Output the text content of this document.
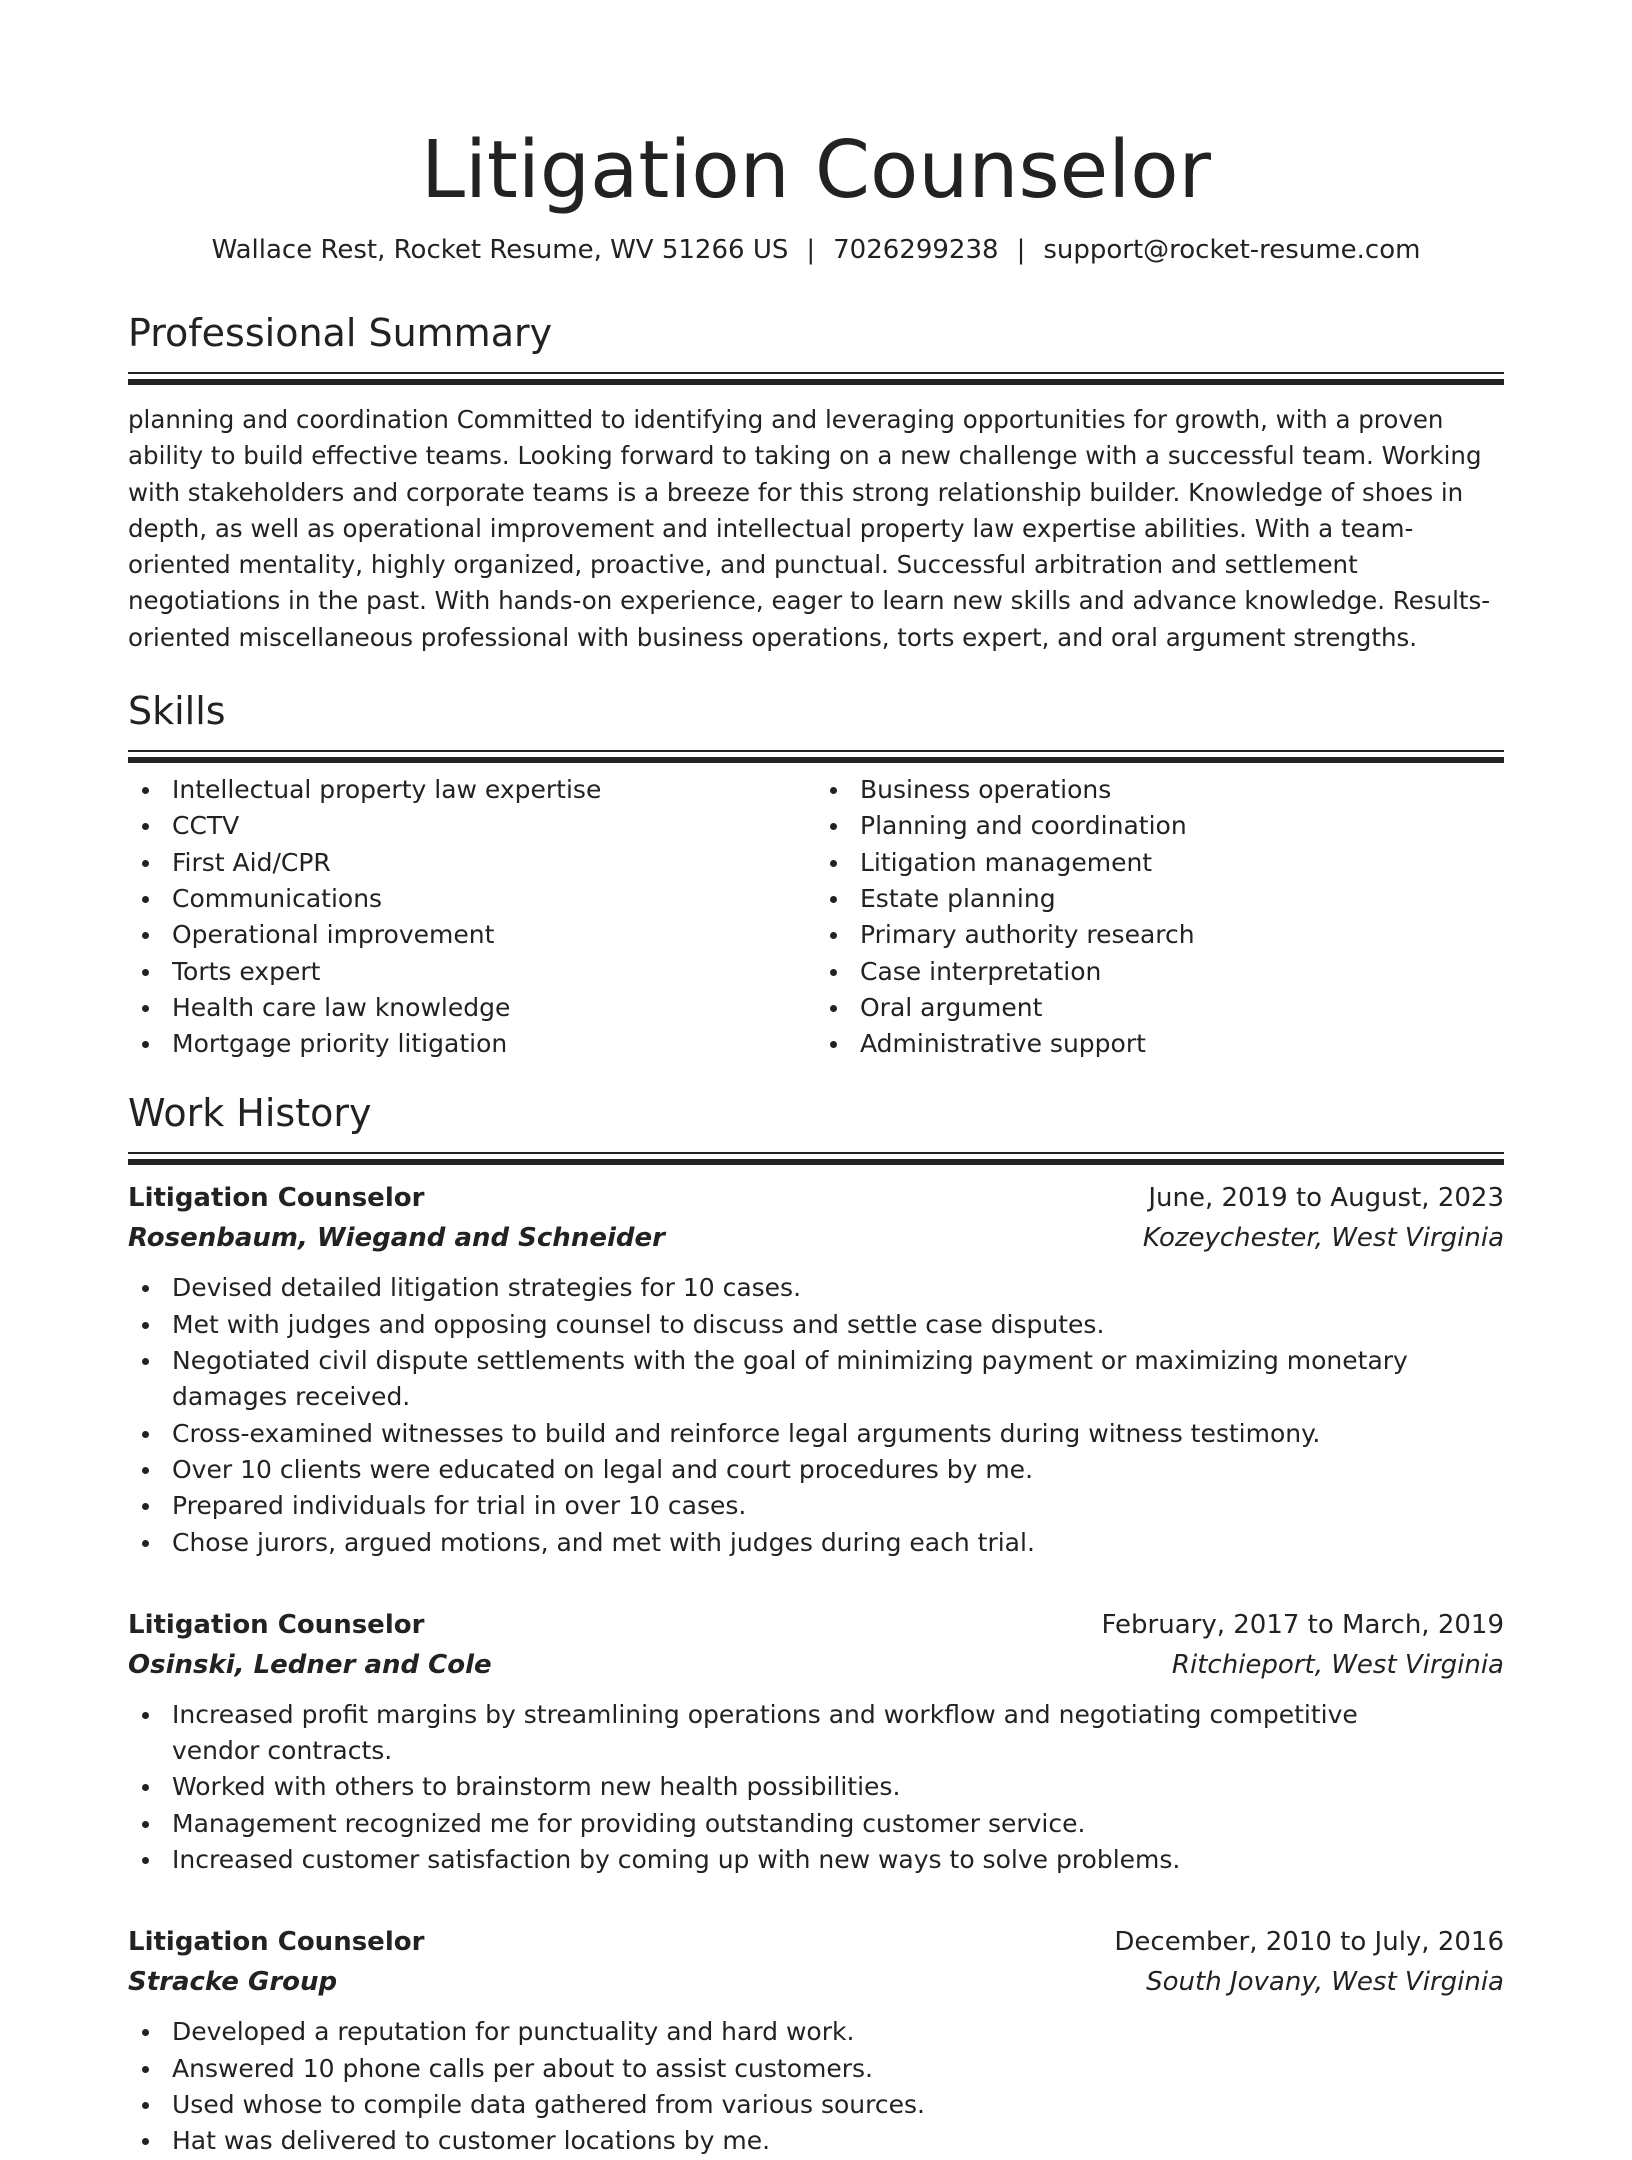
Litigation Counselor
Wallace Rest, Rocket Resume, WV 51266 US | 7026299238 | support@rocket-resume.com
Professional Summary

planning and coordination Committed to identifying and leveraging opportunities for growth, with a proven ability to build effective teams. Looking forward to taking on a new challenge with a successful team. Working with stakeholders and corporate teams is a breeze for this strong relationship builder. Knowledge of shoes in depth, as well as operational improvement and intellectual property law expertise abilities. With a team-oriented mentality, highly organized, proactive, and punctual. Successful arbitration and settlement negotiations in the past. With hands-on experience, eager to learn new skills and advance knowledge. Results-oriented miscellaneous professional with business operations, torts expert, and oral argument strengths.

Skills
Intellectual property law expertise
CCTV
First Aid/CPR
Communications
Operational improvement
Torts expert
Health care law knowledge
Mortgage priority litigation
Business operations
Planning and coordination
Litigation management
Estate planning
Primary authority research
Case interpretation
Oral argument
Administrative support
Work History
Litigation Counselor	June, 2019 to August, 2023
Rosenbaum, Wiegand and Schneider	Kozeychester, West Virginia
Devised detailed litigation strategies for 10 cases.
Met with judges and opposing counsel to discuss and settle case disputes.
Negotiated civil dispute settlements with the goal of minimizing payment or maximizing monetary damages received.
Cross-examined witnesses to build and reinforce legal arguments during witness testimony.
Over 10 clients were educated on legal and court procedures by me.
Prepared individuals for trial in over 10 cases.
Chose jurors, argued motions, and met with judges during each trial.
Litigation Counselor	February, 2017 to March, 2019
Osinski, Ledner and Cole	Ritchieport, West Virginia
Increased profit margins by streamlining operations and workflow and negotiating competitive vendor contracts.
Worked with others to brainstorm new health possibilities.
Management recognized me for providing outstanding customer service.
Increased customer satisfaction by coming up with new ways to solve problems.
Litigation Counselor	December, 2010 to July, 2016
Stracke Group	South Jovany, West Virginia
Developed a reputation for punctuality and hard work.
Answered 10 phone calls per about to assist customers.
Used whose to compile data gathered from various sources.
Hat was delivered to customer locations by me.
